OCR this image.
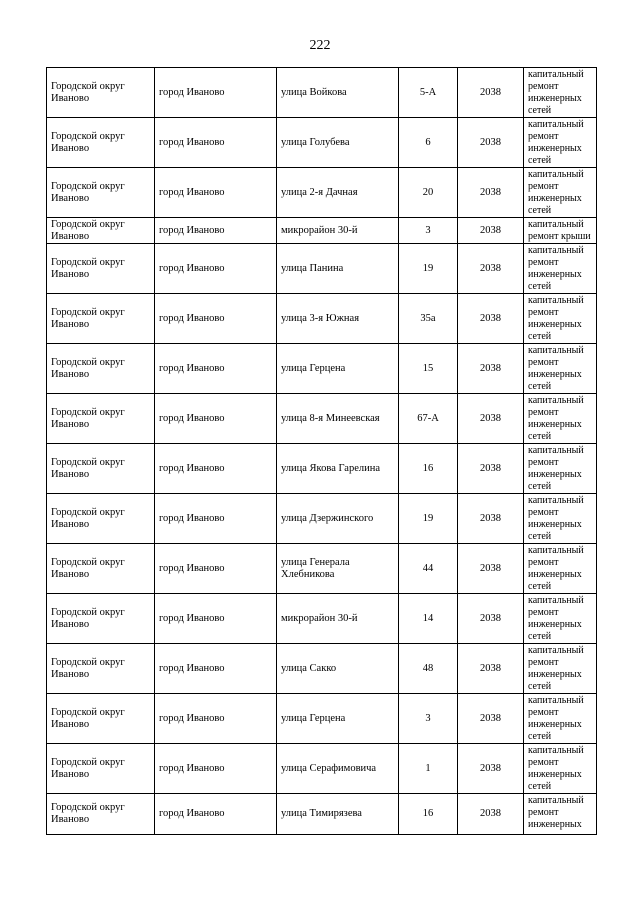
222
Городской округ Иваново	город Иваново	улица Войкова	5-А	2038	капитальный ремонт инженерных сетей

Городской округ Иваново	город Иваново	улица Голубева	6	2038	капитальный ремонт инженерных сетей

Городской округ Иваново	город Иваново	улица 2-я Дачная	20	2038	капитальный ремонт инженерных сетей

Городской округ Иваново	город Иваново	микрорайон 30-й	3	2038	капитальный ремонт крыши

Городской округ Иваново	город Иваново	улица Панина	19	2038	капитальный ремонт инженерных сетей

Городской округ Иваново	город Иваново	улица 3-я Южная	35а	2038	капитальный ремонт инженерных сетей

Городской округ Иваново	город Иваново	улица Герцена	15	2038	капитальный ремонт инженерных сетей

Городской округ Иваново	город Иваново	улица 8-я Минеевская	67-А	2038	капитальный ремонт инженерных сетей

Городской округ Иваново	город Иваново	улица Якова Гарелина	16	2038	капитальный ремонт инженерных сетей

Городской округ Иваново	город Иваново	улица Дзержинского	19	2038	капитальный ремонт инженерных сетей

Городской округ Иваново	город Иваново	улица Генерала Хлебникова	44	2038	капитальный ремонт инженерных сетей

Городской округ Иваново	город Иваново	микрорайон 30-й	14	2038	капитальный ремонт инженерных сетей

Городской округ Иваново	город Иваново	улица Сакко	48	2038	капитальный ремонт инженерных сетей

Городской округ Иваново	город Иваново	улица Герцена	3	2038	капитальный ремонт инженерных сетей

Городской округ Иваново	город Иваново	улица Серафимовича	1	2038	капитальный ремонт инженерных сетей

Городской округ Иваново	город Иваново	улица Тимирязева	16	2038	капитальный ремонт инженерных
